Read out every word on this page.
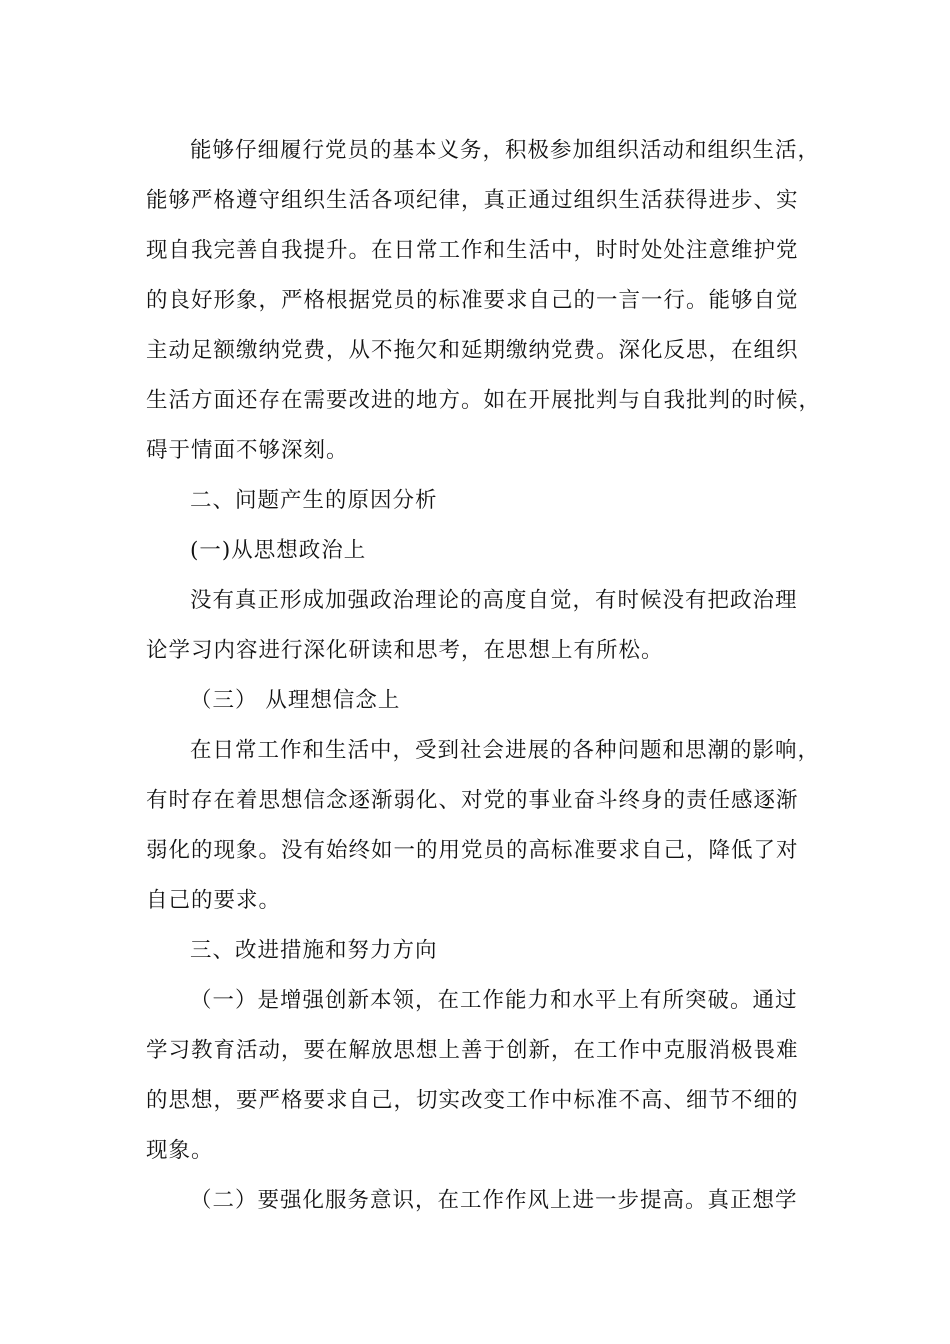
能够仔细履行党员的基本义务，积极参加组织活动和组织生活，
能够严格遵守组织生活各项纪律，真正通过组织生活获得进步、实
现自我完善自我提升。在日常工作和生活中，时时处处注意维护党
的良好形象，严格根据党员的标准要求自己的一言一行。能够自觉
主动足额缴纳党费，从不拖欠和延期缴纳党费。深化反思，在组织
生活方面还存在需要改进的地方。如在开展批判与自我批判的时候，
碍于情面不够深刻。
二、问题产生的原因分析
(一)从思想政治上
没有真正形成加强政治理论的高度自觉，有时候没有把政治理
论学习内容进行深化研读和思考，在思想上有所松。
（三） 从理想信念上
在日常工作和生活中，受到社会进展的各种问题和思潮的影响，
有时存在着思想信念逐渐弱化、对党的事业奋斗终身的责任感逐渐
弱化的现象。没有始终如一的用党员的高标准要求自己，降低了对
自己的要求。
三、改进措施和努力方向
（一）是增强创新本领，在工作能力和水平上有所突破。通过
学习教育活动，要在解放思想上善于创新，在工作中克服消极畏难
的思想，要严格要求自己，切实改变工作中标准不高、细节不细的
现象。
（二）要强化服务意识，在工作作风上进一步提高。真正想学
